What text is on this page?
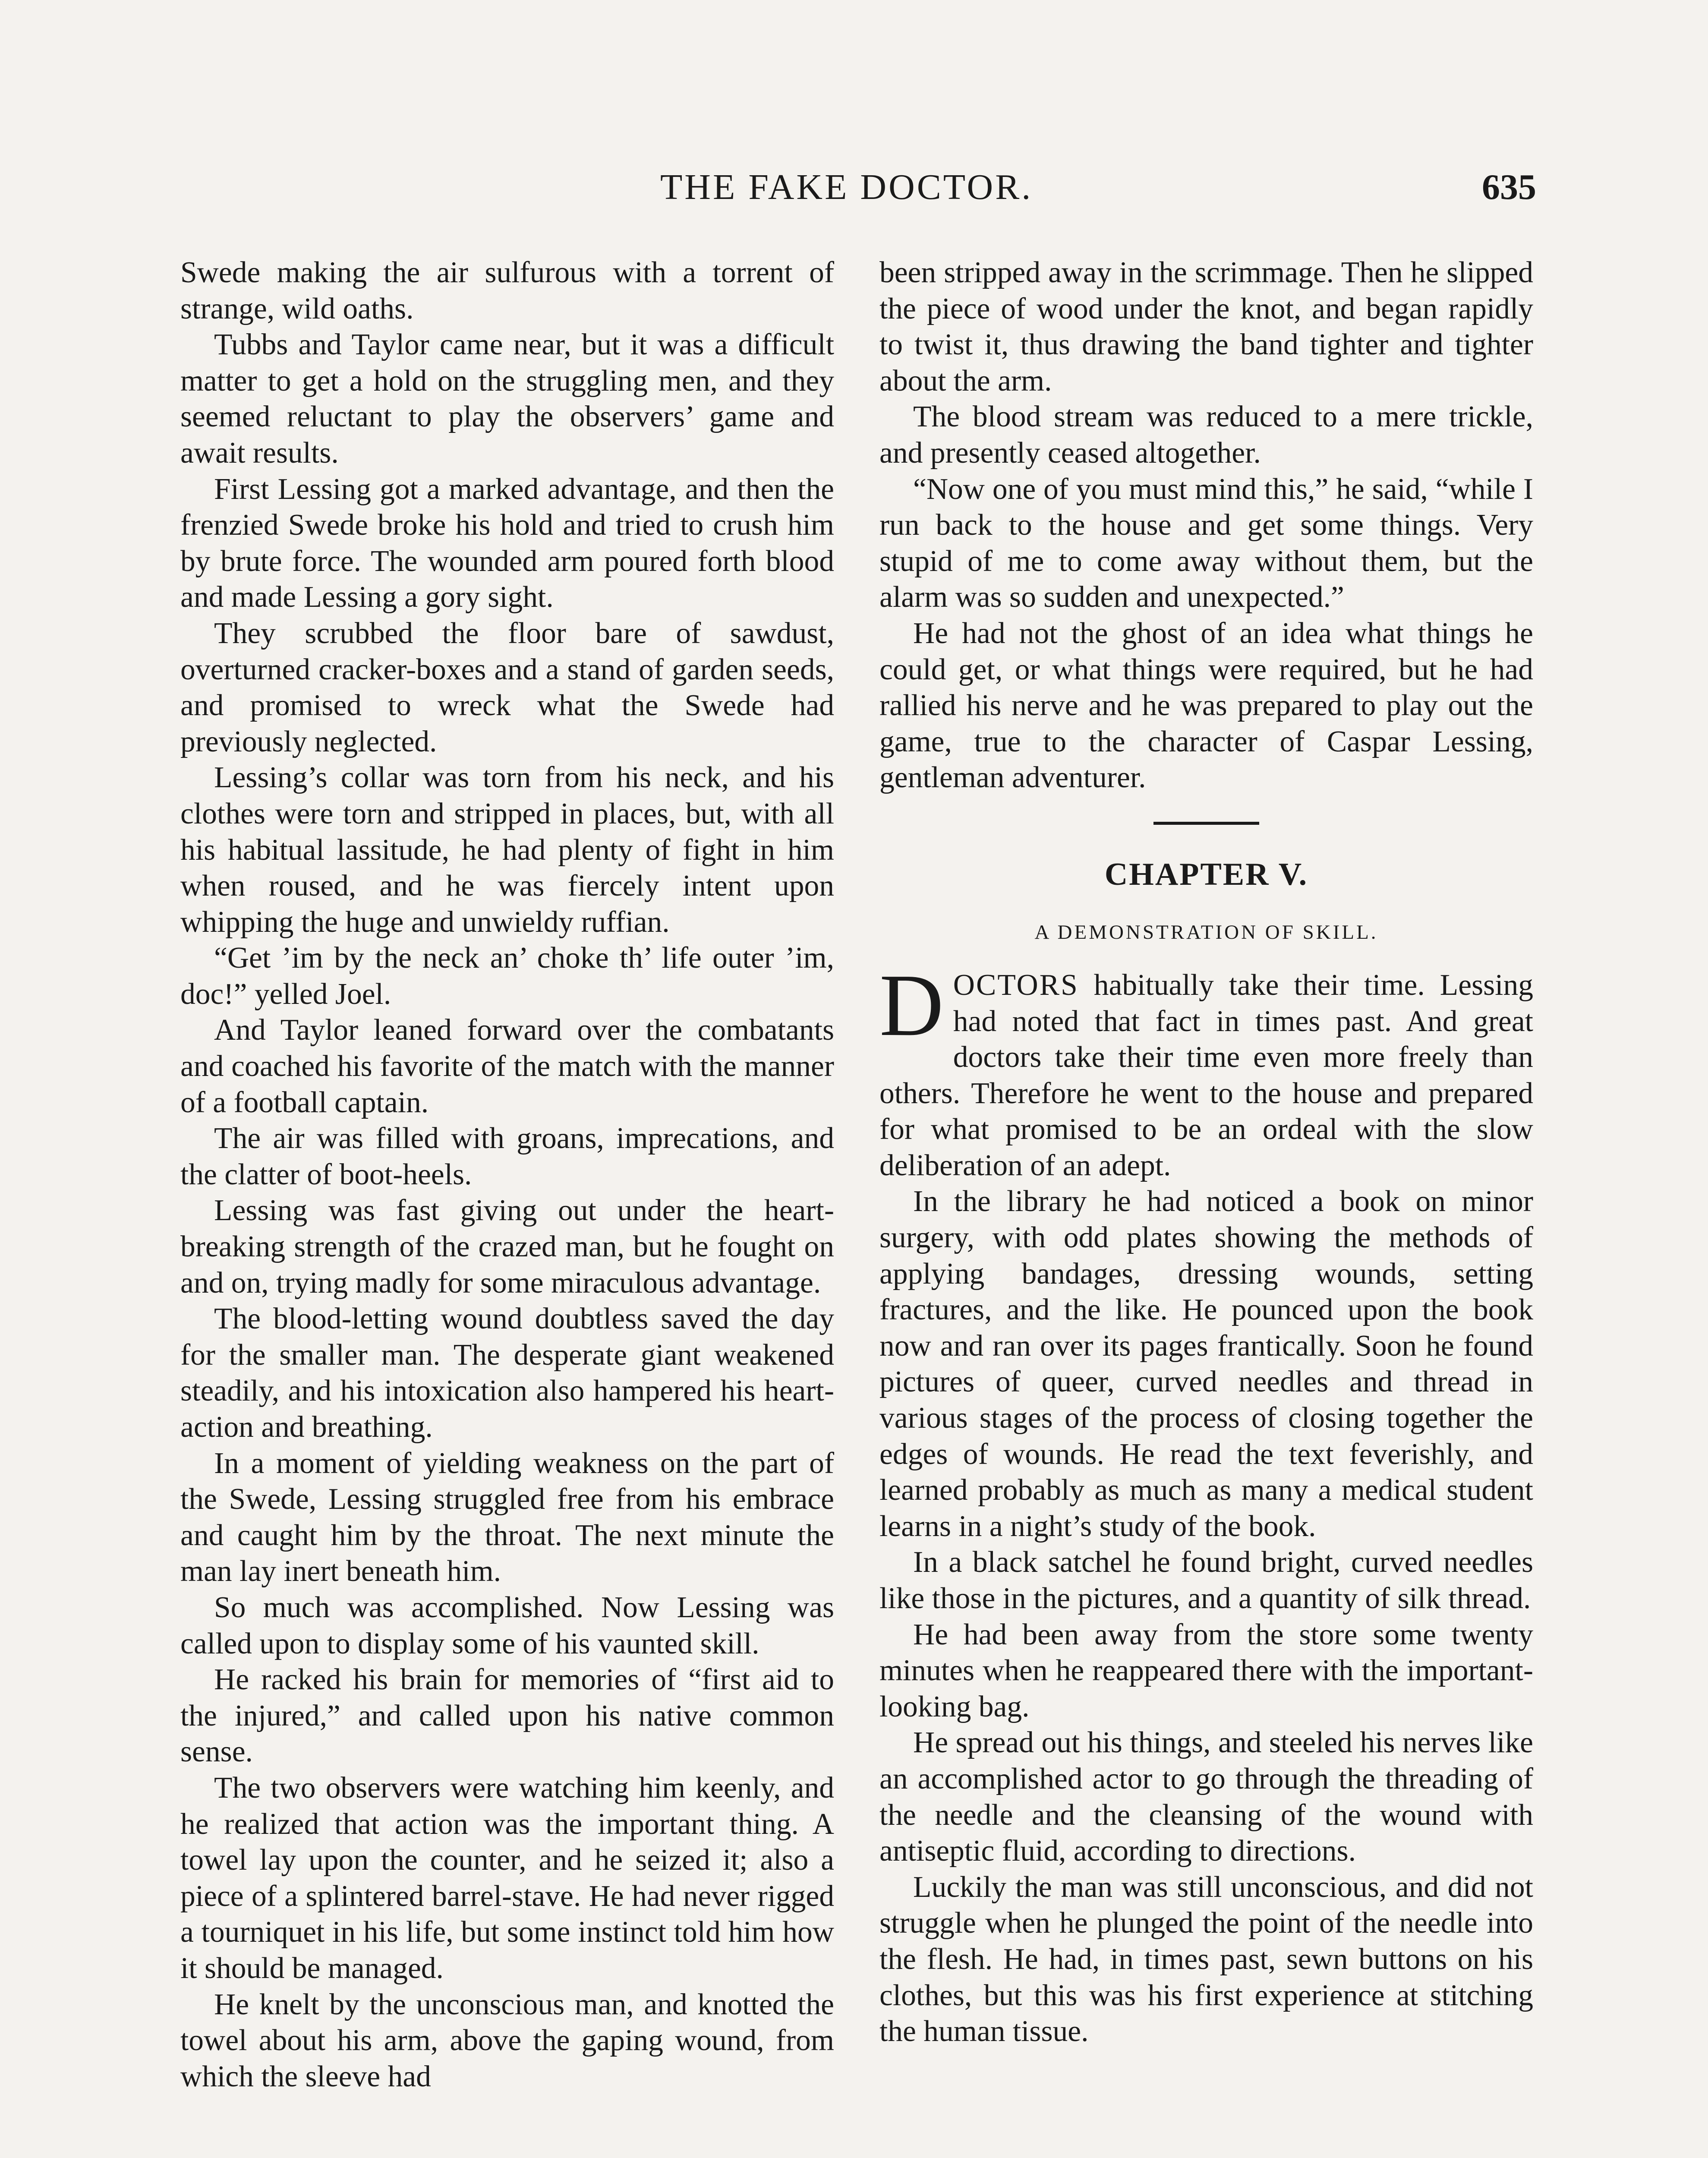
THE FAKE DOCTOR.	635

Swede making the air sulfurous with a torrent of strange, wild oaths.

Tubbs and Taylor came near, but it was a difficult matter to get a hold on the struggling men, and they seemed reluctant to play the observers’ game and await results.

First Lessing got a marked advantage, and then the frenzied Swede broke his hold and tried to crush him by brute force. The wounded arm poured forth blood and made Lessing a gory sight.

They scrubbed the floor bare of sawdust, overturned cracker-boxes and a stand of garden seeds, and promised to wreck what the Swede had previously neglected.

Lessing’s collar was torn from his neck, and his clothes were torn and stripped in places, but, with all his habitual lassitude, he had plenty of fight in him when roused, and he was fiercely intent upon whipping the huge and unwieldy ruffian.

“Get ’im by the neck an’ choke th’ life outer ’im, doc!” yelled Joel.

And Taylor leaned forward over the combatants and coached his favorite of the match with the manner of a football captain.

The air was filled with groans, imprecations, and the clatter of boot-heels.

Lessing was fast giving out under the heart-breaking strength of the crazed man, but he fought on and on, trying madly for some miraculous advantage.

The blood-letting wound doubtless saved the day for the smaller man. The desperate giant weakened steadily, and his intoxication also hampered his heart-action and breathing.

In a moment of yielding weakness on the part of the Swede, Lessing struggled free from his embrace and caught him by the throat. The next minute the man lay inert beneath him.

So much was accomplished. Now Lessing was called upon to display some of his vaunted skill.

He racked his brain for memories of “first aid to the injured,” and called upon his native common sense.

The two observers were watching him keenly, and he realized that action was the important thing. A towel lay upon the counter, and he seized it; also a piece of a splintered barrel-stave. He had never rigged a tourniquet in his life, but some instinct told him how it should be managed.

He knelt by the unconscious man, and knotted the towel about his arm, above the gaping wound, from which the sleeve had

been stripped away in the scrimmage. Then he slipped the piece of wood under the knot, and began rapidly to twist it, thus drawing the band tighter and tighter about the arm.

The blood stream was reduced to a mere trickle, and presently ceased altogether.

“Now one of you must mind this,” he said, “while I run back to the house and get some things. Very stupid of me to come away without them, but the alarm was so sudden and unexpected.”

He had not the ghost of an idea what things he could get, or what things were required, but he had rallied his nerve and he was prepared to play out the game, true to the character of Caspar Lessing, gentleman adventurer.

CHAPTER V.
A DEMONSTRATION OF SKILL.

DOCTORS habitually take their time. Lessing had noted that fact in times past. And great doctors take their time even more freely than others. Therefore he went to the house and prepared for what promised to be an ordeal with the slow deliberation of an adept.

In the library he had noticed a book on minor surgery, with odd plates showing the methods of applying bandages, dressing wounds, setting fractures, and the like. He pounced upon the book now and ran over its pages frantically. Soon he found pictures of queer, curved needles and thread in various stages of the process of closing together the edges of wounds. He read the text feverishly, and learned probably as much as many a medical student learns in a night’s study of the book.

In a black satchel he found bright, curved needles like those in the pictures, and a quantity of silk thread.

He had been away from the store some twenty minutes when he reappeared there with the important-looking bag.

He spread out his things, and steeled his nerves like an accomplished actor to go through the threading of the needle and the cleansing of the wound with antiseptic fluid, according to directions.

Luckily the man was still unconscious, and did not struggle when he plunged the point of the needle into the flesh. He had, in times past, sewn buttons on his clothes, but this was his first experience at stitching the human tissue.
